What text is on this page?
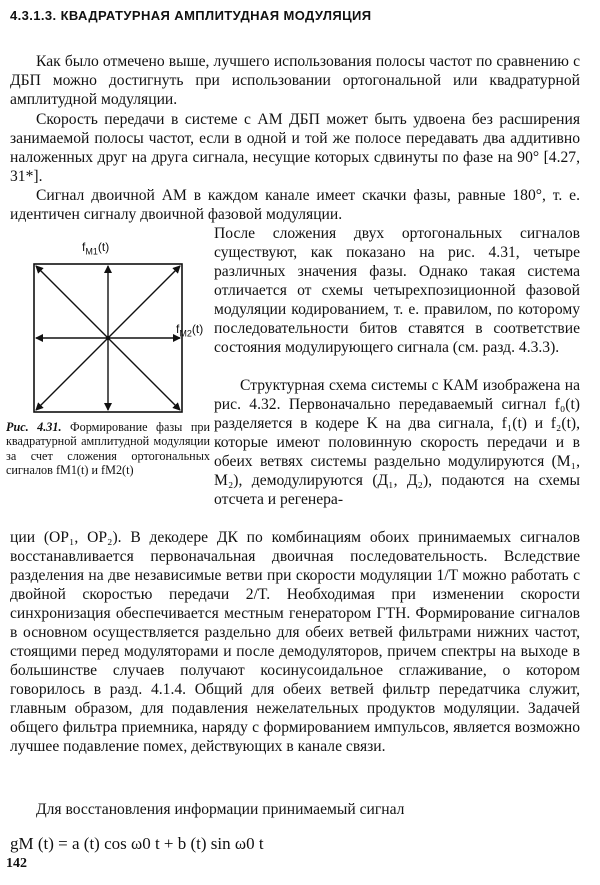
4.3.1.3. КВАДРАТУРНАЯ АМПЛИТУДНАЯ МОДУЛЯЦИЯ

Как было отмечено выше, лучшего использования полосы частот по сравнению с ДБП можно достигнуть при использовании ортогональной или квадратурной амплитудной модуляции.

Скорость передачи в системе с АМ ДБП может быть удвоена без расширения занимаемой полосы частот, если в одной и той же полосе передавать два аддитивно наложенных друг на друга сигнала, несущие которых сдвинуты по фазе на 90° [4.27, 31*].

Сигнал двоичной АМ в каждом канале имеет скачки фазы, равные 180°, т. е. идентичен сигналу двоичной фазовой модуляции.

После сложения двух ортогональных сигналов существуют, как показано на рис. 4.31, четыре различных значения фазы. Однако такая система отличается от схемы четырехпозиционной фазовой модуляции кодированием, т. е. правилом, по которому последовательности битов ставятся в соответствие состояния модулирующего сигнала (см. разд. 4.3.3).

Структурная схема системы с КАМ изображена на рис. 4.32. Первоначально передаваемый сигнал f₀(t) разделяется в кодере K на два сигнала, f₁(t) и f₂(t), которые имеют половинную скорость передачи и в обеих ветвях системы раздельно модулируются (M₁, M₂), демодулируются (Д₁, Д₂), подаются на схемы отсчета и регенера-

$f_{M1}(t)$
$f_{M2}(t)$

Рис. 4.31. Формирование фазы при квадратурной амплитудной модуляции за счет сложения ортогональных сигналов fM1(t) и fM2(t)

ции (OP₁, OP₂). В декодере ДК по комбинациям обоих принимаемых сигналов восстанавливается первоначальная двоичная последовательность. Вследствие разделения на две независимые ветви при скорости модуляции 1/T можно работать с двойной скоростью передачи 2/T. Необходимая при изменении скорости синхронизация обеспечивается местным генератором ГТН. Формирование сигналов в основном осуществляется раздельно для обеих ветвей фильтрами нижних частот, стоящими перед модуляторами и после демодуляторов, причем спектры на выходе в большинстве случаев получают косинусоидальное сглаживание, о котором говорилось в разд. 4.1.4. Общий для обеих ветвей фильтр передатчика служит, главным образом, для подавления нежелательных продуктов модуляции. Задачей общего фильтра приемника, наряду с формированием импульсов, является возможно лучшее подавление помех, действующих в канале связи.

Для восстановления информации принимаемый сигнал

gM (t) = a (t) cos ω0 t + b (t) sin ω0 t
142
